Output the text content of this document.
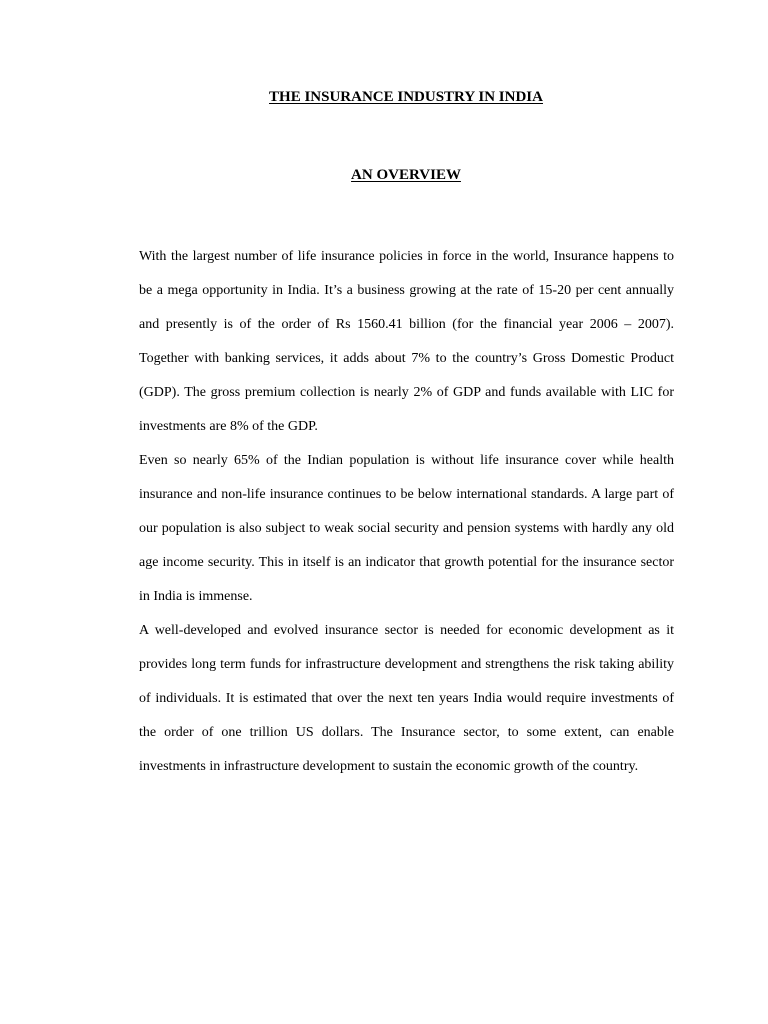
THE INSURANCE INDUSTRY IN INDIA
AN OVERVIEW

With the largest number of life insurance policies in force in the world, Insurance happens to be a mega opportunity in India. It’s a business growing at the rate of 15-20 per cent annually and presently is of the order of Rs 1560.41 billion (for the financial year 2006 – 2007). Together with banking services, it adds about 7% to the country’s Gross Domestic Product (GDP). The gross premium collection is nearly 2% of GDP and funds available with LIC for investments are 8% of the GDP.

Even so nearly 65% of the Indian population is without life insurance cover while health insurance and non-life insurance continues to be below international standards. A large part of our population is also subject to weak social security and pension systems with hardly any old age income security. This in itself is an indicator that growth potential for the insurance sector in India is immense.

A well-developed and evolved insurance sector is needed for economic development as it provides long term funds for infrastructure development and strengthens the risk taking ability of individuals. It is estimated that over the next ten years India would require investments of the order of one trillion US dollars. The Insurance sector, to some extent, can enable investments in infrastructure development to sustain the economic growth of the country.
